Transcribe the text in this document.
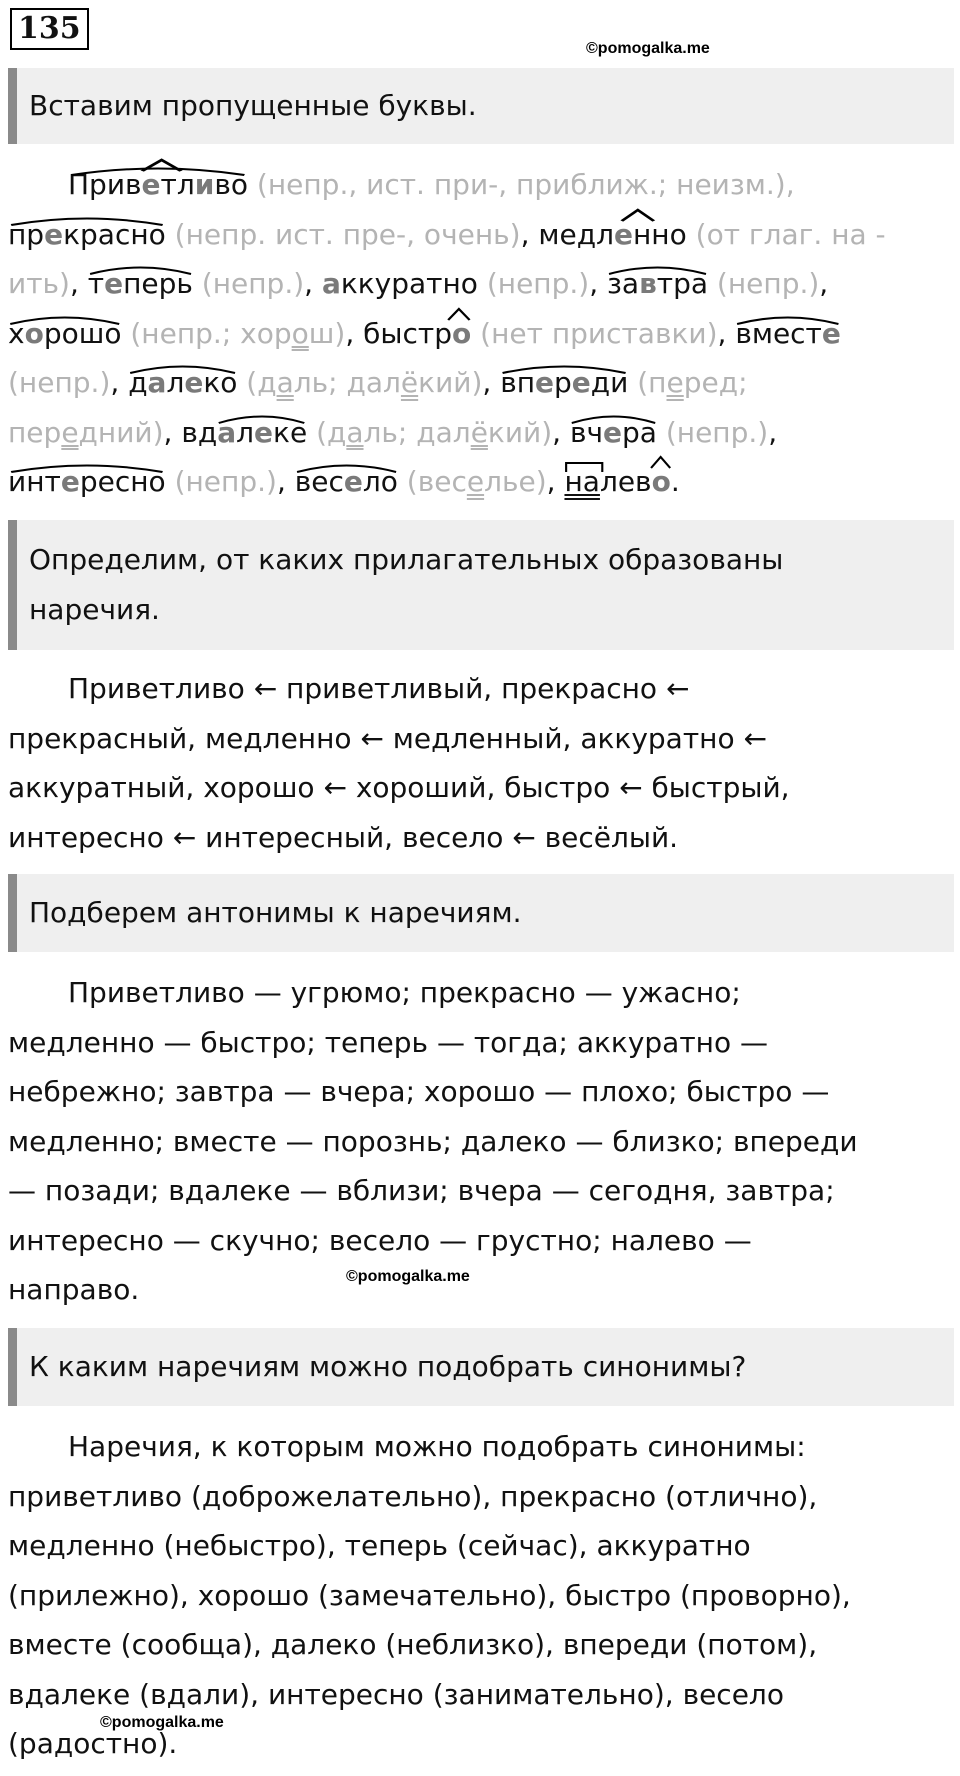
135
©pomogalka.me
Вставим пропущенные буквы.
Приветливо (непр., ист. при-, приближ.; неизм.),
прекрасно (непр. ист. пре-, очень),
медленно (от глаг. на -
ить),
теперь (непр.), аккуратно (непр.),
завтра (непр.),
хорошо (непр.; хорош),
быстро (нет приставки),
вместе
(непр.),
далеко (даль; далёкий),
впереди (перед;
передний),
вдалеке (даль; далёкий),
вчера (непр.),
интересно (непр.),
весело (веселье),
налево.
Определим, от каких прилагательных образованы
наречия.
Приветливо ← приветливый, прекрасно ←
прекрасный, медленно ← медленный, аккуратно ←
аккуратный, хорошо ← хороший, быстро ← быстрый,
интересно ← интересный, весело ← весёлый.
Подберем антонимы к наречиям.
Приветливо — угрюмо; прекрасно — ужасно;
медленно — быстро; теперь — тогда; аккуратно —
небрежно; завтра — вчера; хорошо — плохо; быстро —
медленно; вместе — порознь; далеко — близко; впереди
— позади; вдалеке — вблизи; вчера — сегодня, завтра;
интересно — скучно; весело — грустно; налево —
направо.	©pomogalka.me
К каким наречиям можно подобрать синонимы?
Наречия, к которым можно подобрать синонимы:
приветливо (доброжелательно), прекрасно (отлично),
медленно (небыстро), теперь (сейчас), аккуратно
(прилежно), хорошо (замечательно), быстро (проворно),
вместе (сообща), далеко (неблизко), впереди (потом),
вдалеке (вдали), интересно (занимательно), весело
(радостно).
©pomogalka.me
